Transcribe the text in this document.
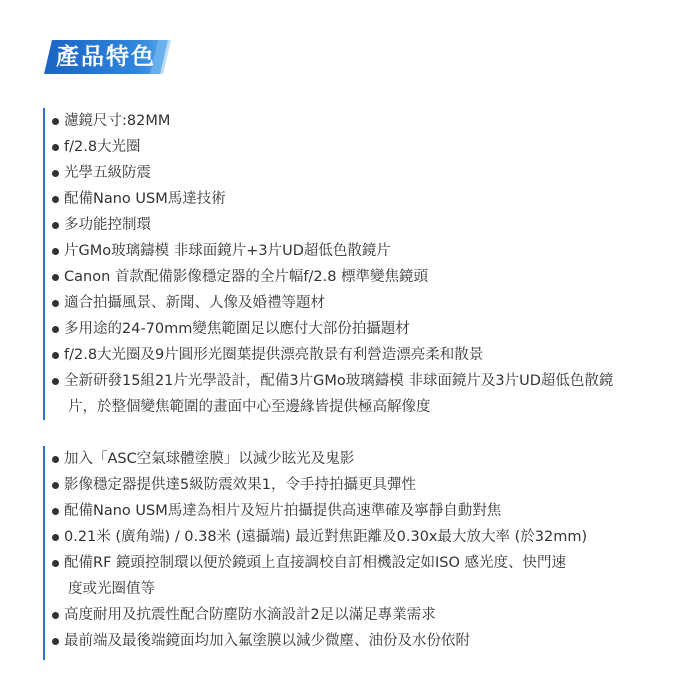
產品特色
濾鏡尺寸:82MM
f/2.8大光圈
光學五級防震
配備Nano USM馬達技術
多功能控制環
片GMo玻璃鑄模 非球面鏡片+3片UD超低色散鏡片
Canon 首款配備影像穩定器的全片幅f/2.8 標準變焦鏡頭
適合拍攝風景、新聞、人像及婚禮等題材
多用途的24-70mm變焦範圍足以應付大部份拍攝題材
f/2.8大光圈及9片圓形光圈葉提供漂亮散景有利營造漂亮柔和散景
全新研發15組21片光學設計，配備3片GMo玻璃鑄模 非球面鏡片及3片UD超低色散鏡
片，於整個變焦範圍的畫面中心至邊緣皆提供極高解像度
加入「ASC空氣球體塗膜」以減少眩光及鬼影
影像穩定器提供達5級防震效果1，令手持拍攝更具彈性
配備Nano USM馬達為相片及短片拍攝提供高速準確及寧靜自動對焦
0.21米 (廣角端) / 0.38米 (遠攝端) 最近對焦距離及0.30x最大放大率 (於32mm)
配備RF 鏡頭控制環以便於鏡頭上直接調校自訂相機設定如ISO 感光度、快門速
度或光圈值等
高度耐用及抗震性配合防塵防水滴設計2足以滿足專業需求
最前端及最後端鏡面均加入氟塗膜以減少微塵、油份及水份依附
